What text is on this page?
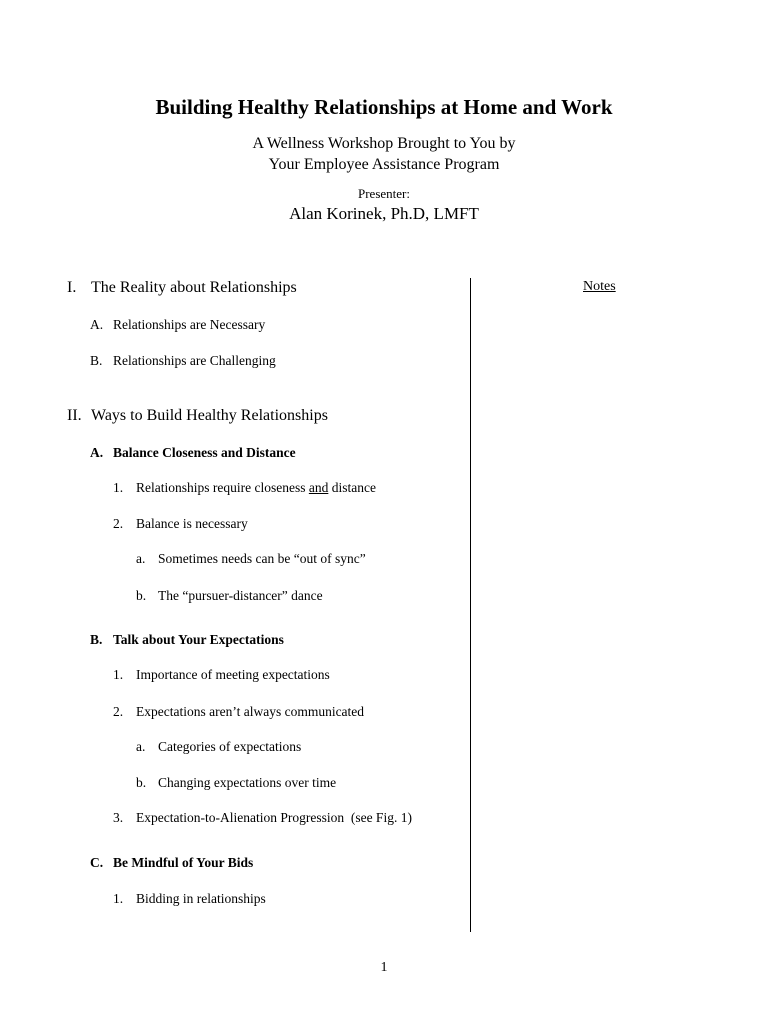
Building Healthy Relationships at Home and Work
A Wellness Workshop Brought to You by
Your Employee Assistance Program
Presenter:
Alan Korinek, Ph.D, LMFT
Notes
I. The Reality about Relationships
A. Relationships are Necessary
B. Relationships are Challenging
II. Ways to Build Healthy Relationships
A. Balance Closeness and Distance
1. Relationships require closeness and distance
2. Balance is necessary
a. Sometimes needs can be “out of sync”
b. The “pursuer-distancer” dance
B. Talk about Your Expectations
1. Importance of meeting expectations
2. Expectations aren’t always communicated
a. Categories of expectations
b. Changing expectations over time
3. Expectation-to-Alienation Progression  (see Fig. 1)
C. Be Mindful of Your Bids
1. Bidding in relationships
1
